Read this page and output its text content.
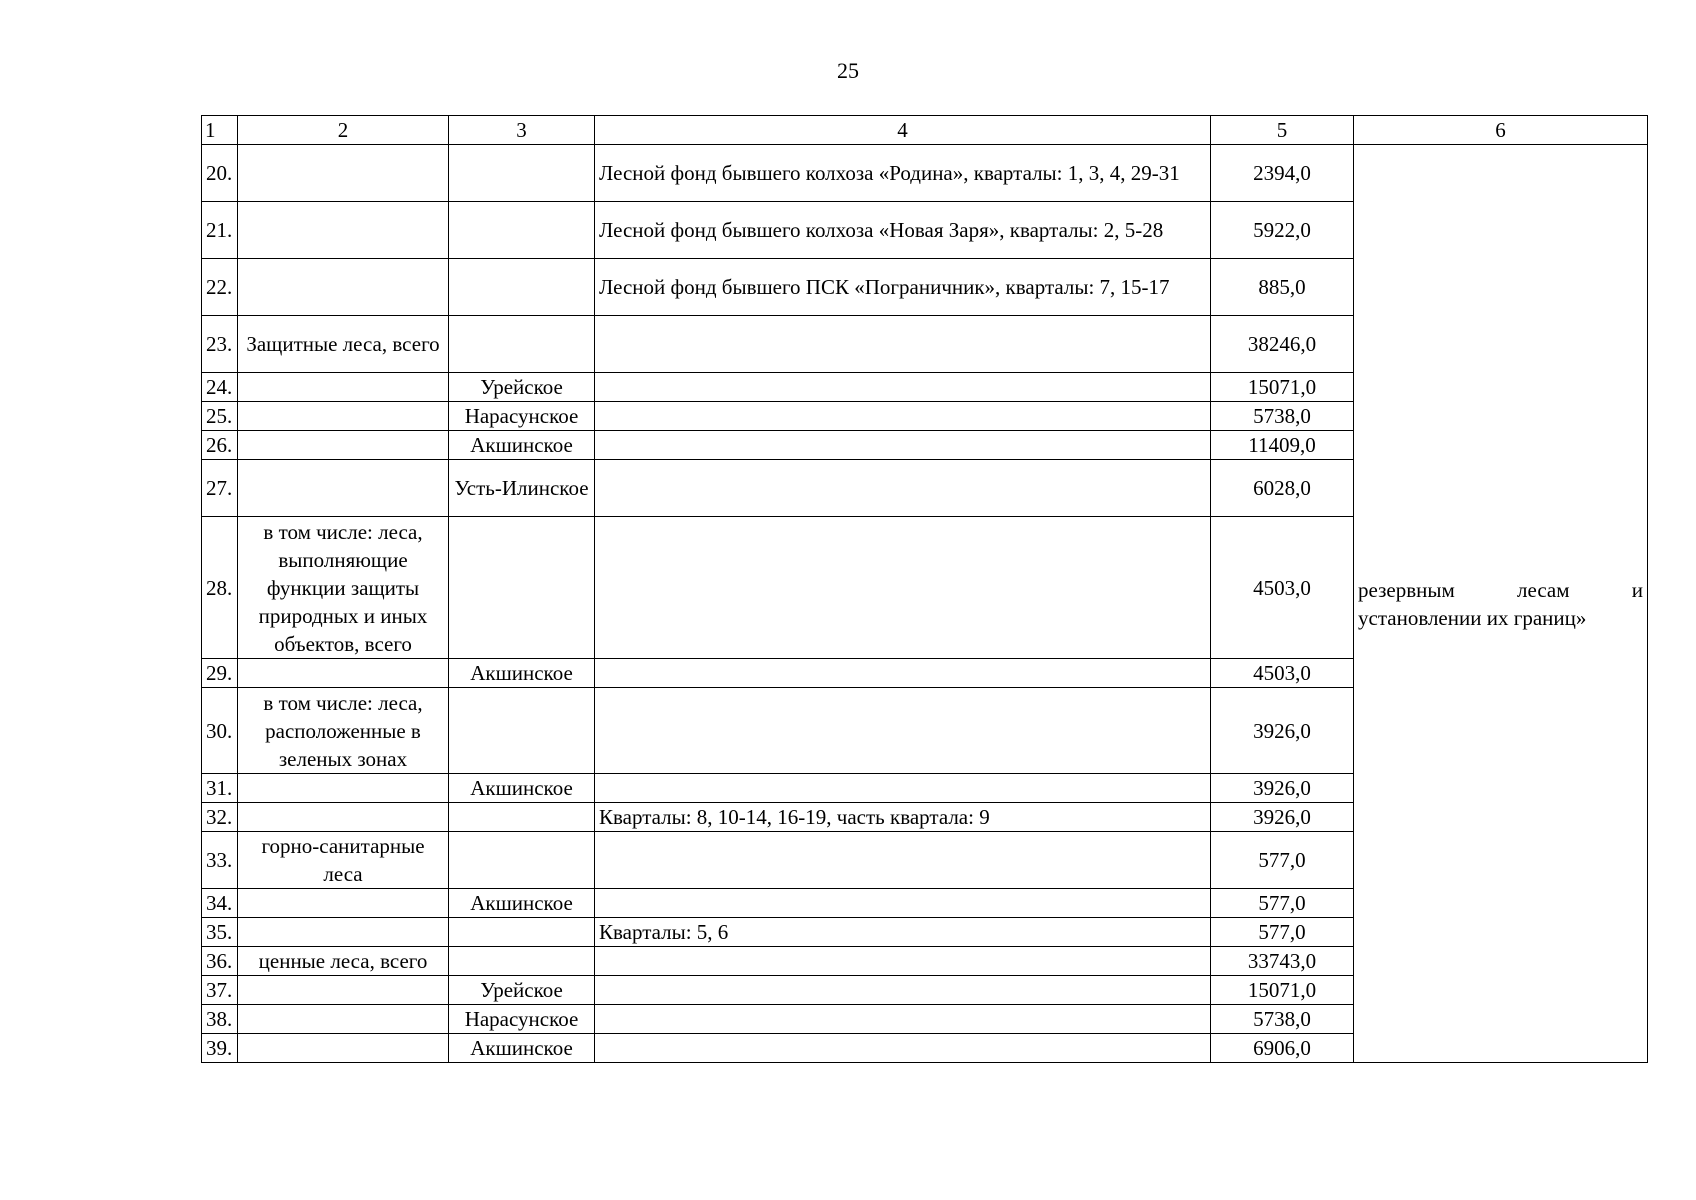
25
1	2	3	4	5	6
20.			Лесной фонд бывшего колхоза «Родина», кварталы: 1, 3, 4, 29-31	2394,0	резервным лесам и установлении их границ»
21.			Лесной фонд бывшего колхоза «Новая Заря», кварталы: 2, 5-28	5922,0	
22.			Лесной фонд бывшего ПСК «Пограничник», кварталы: 7, 15-17	885,0	
23.	Защитные леса, всего			38246,0	
24.		Урейское		15071,0	
25.		Нарасунское		5738,0	
26.		Акшинское		11409,0	
27.		Усть-Илинское		6028,0	
28.	в том числе: леса, выполняющие функции защиты природных и иных объектов, всего			4503,0	
29.		Акшинское		4503,0	
30.	в том числе: леса, расположенные в зеленых зонах			3926,0	
31.		Акшинское		3926,0	
32.			Кварталы: 8, 10-14, 16-19, часть квартала: 9	3926,0	
33.	горно-санитарные леса			577,0	
34.		Акшинское		577,0	
35.			Кварталы: 5, 6	577,0	
36.	ценные леса, всего			33743,0	
37.		Урейское		15071,0	
38.		Нарасунское		5738,0	
39.		Акшинское		6906,0	
